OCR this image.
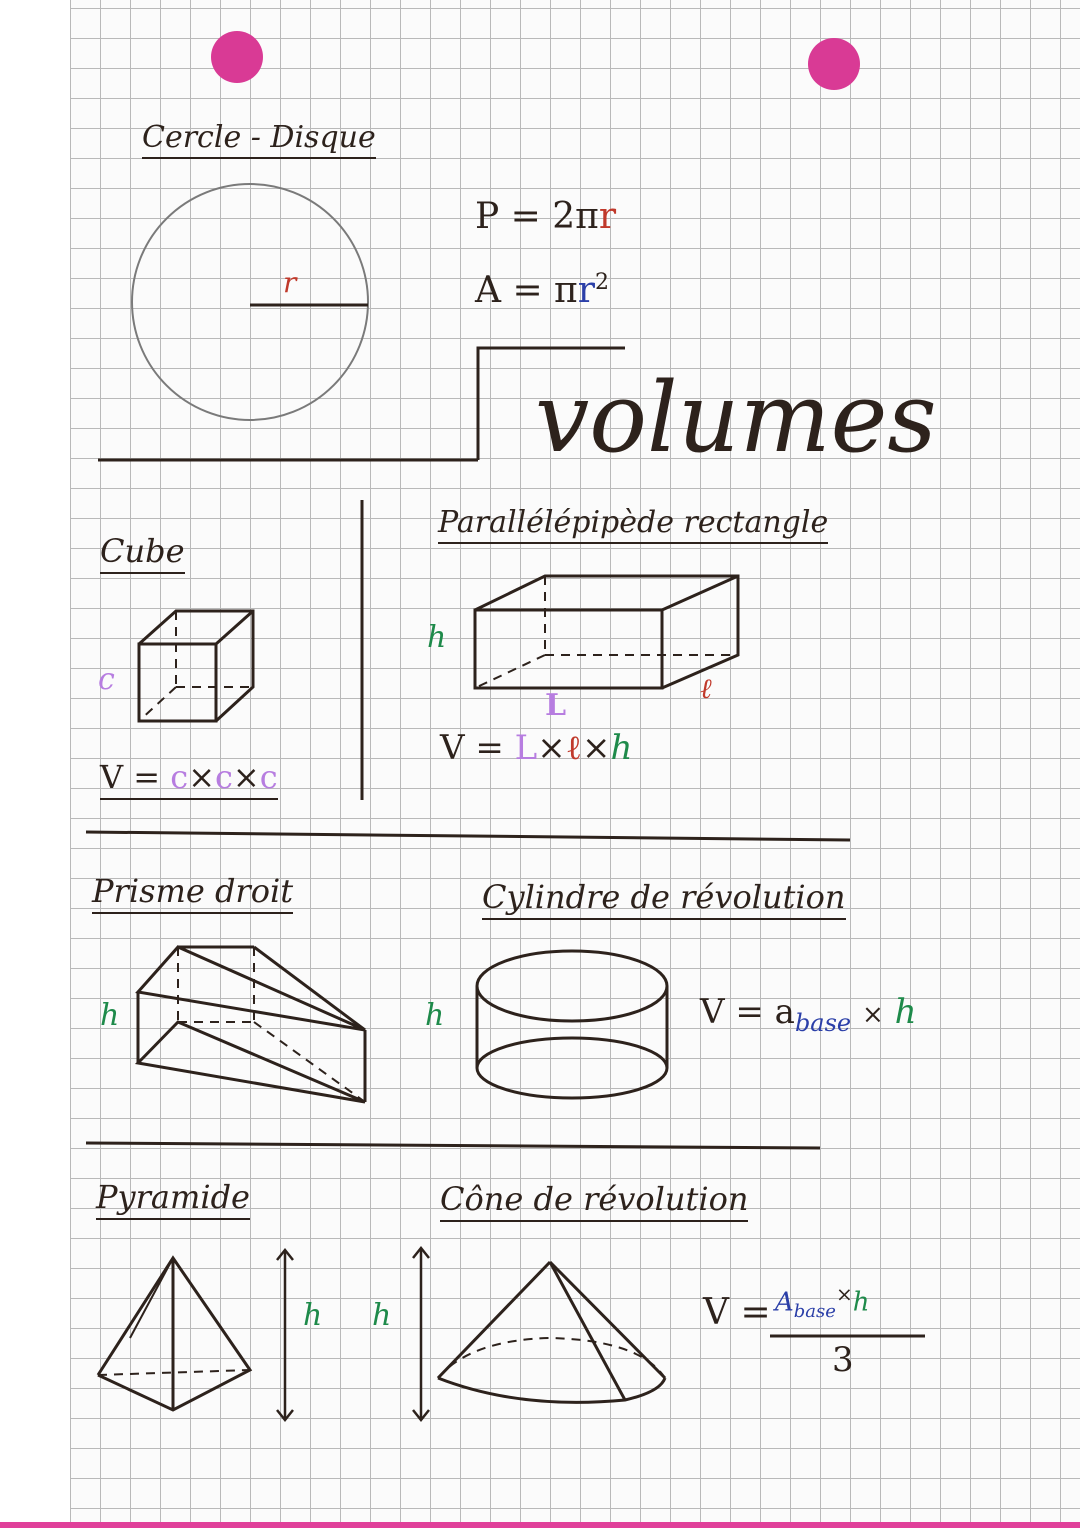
Cercle - Disque
r
P = 2πr
$A = \pi r^2$
volumes
Cube
c
V = c×c×c
Parallélépipède rectangle
h
L	ℓ
V = L×ℓ×h
Prisme droit
h
Cylindre de révolution
h	$V = a_{base} \times h$
Pyramide
h
Cône de révolution
h	$V = A_{base}^\times h$
3
